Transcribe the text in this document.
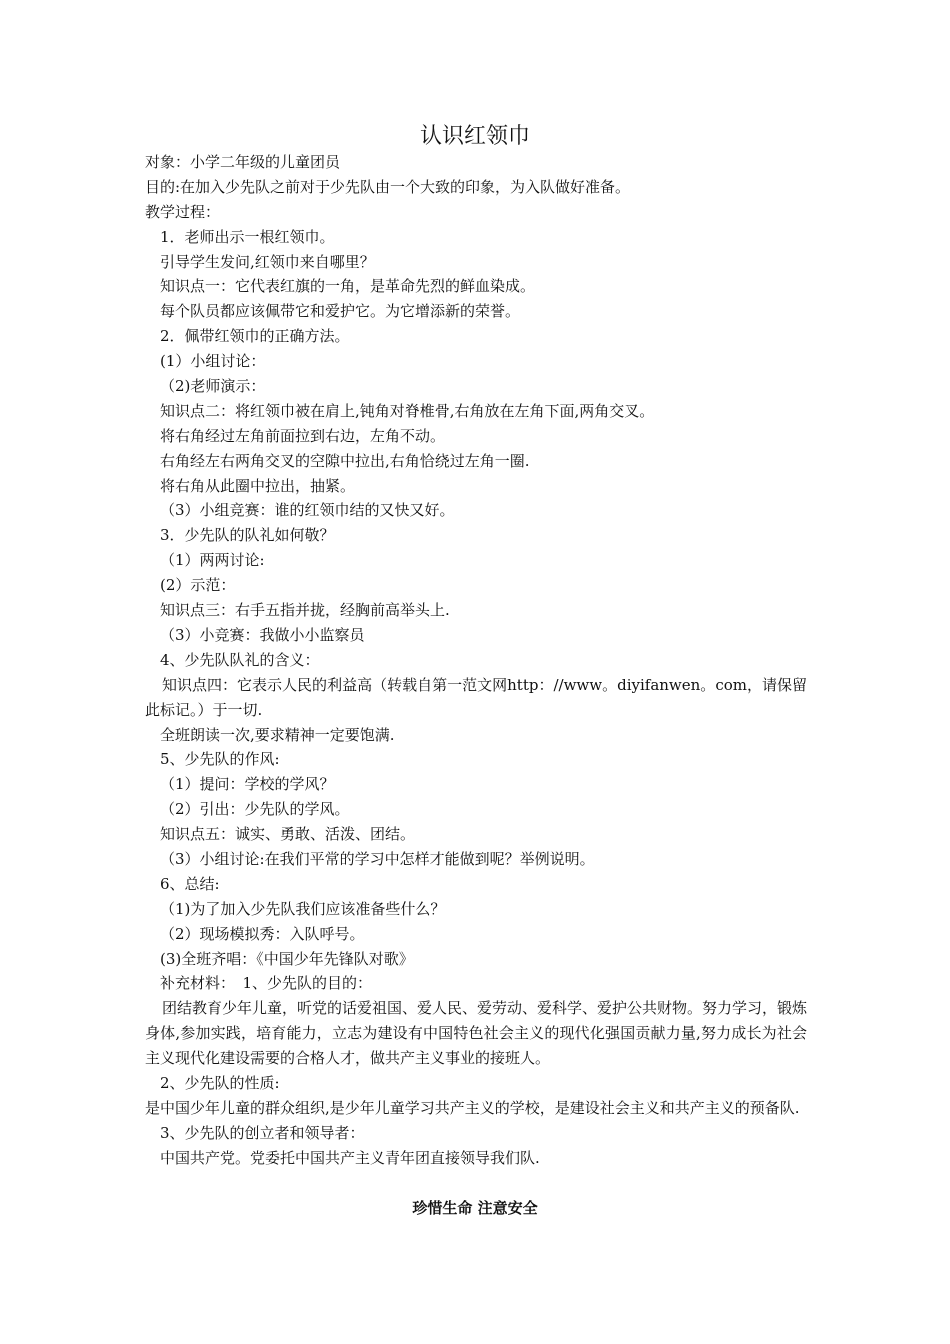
认识红领巾
对象：小学二年级的儿童团员
目的:在加入少先队之前对于少先队由一个大致的印象，为入队做好准备。
教学过程：
1．老师出示一根红领巾。
引导学生发问,红领巾来自哪里？
知识点一：它代表红旗的一角，是革命先烈的鲜血染成。
每个队员都应该佩带它和爱护它。为它增添新的荣誉。
2．佩带红领巾的正确方法。
(1）小组讨论：
（2)老师演示：
知识点二：将红领巾被在肩上,钝角对脊椎骨,右角放在左角下面,两角交叉。
将右角经过左角前面拉到右边，左角不动。
右角经左右两角交叉的空隙中拉出,右角恰绕过左角一圈.
将右角从此圈中拉出，抽紧。
（3）小组竞赛：谁的红领巾结的又快又好。
3．少先队的队礼如何敬？
（1）两两讨论:
(2）示范：
知识点三：右手五指并拢，经胸前高举头上.
（3）小竞赛：我做小小监察员
4、少先队队礼的含义：
知识点四：它表示人民的利益高（转载自第一范文网http：//www。diyifanwen。com，请保留此标记。）于一切.
全班朗读一次,要求精神一定要饱满.
5、少先队的作风:
（1）提问：学校的学风？
（2）引出：少先队的学风。
知识点五：诚实、勇敢、活泼、团结。
（3）小组讨论:在我们平常的学习中怎样才能做到呢？举例说明。
6、总结:
（1)为了加入少先队我们应该准备些什么？
（2）现场模拟秀：入队呼号。
(3)全班齐唱：《中国少年先锋队对歌》
补充材料：　1、少先队的目的：
团结教育少年儿童，听党的话爱祖国、爱人民、爱劳动、爱科学、爱护公共财物。努力学习，锻炼身体,参加实践，培育能力，立志为建设有中国特色社会主义的现代化强国贡献力量,努力成长为社会主义现代化建设需要的合格人才，做共产主义事业的接班人。
2、少先队的性质:
是中国少年儿童的群众组织,是少年儿童学习共产主义的学校，是建设社会主义和共产主义的预备队.
3、少先队的创立者和领导者：
中国共产党。党委托中国共产主义青年团直接领导我们队.
珍惜生命 注意安全
